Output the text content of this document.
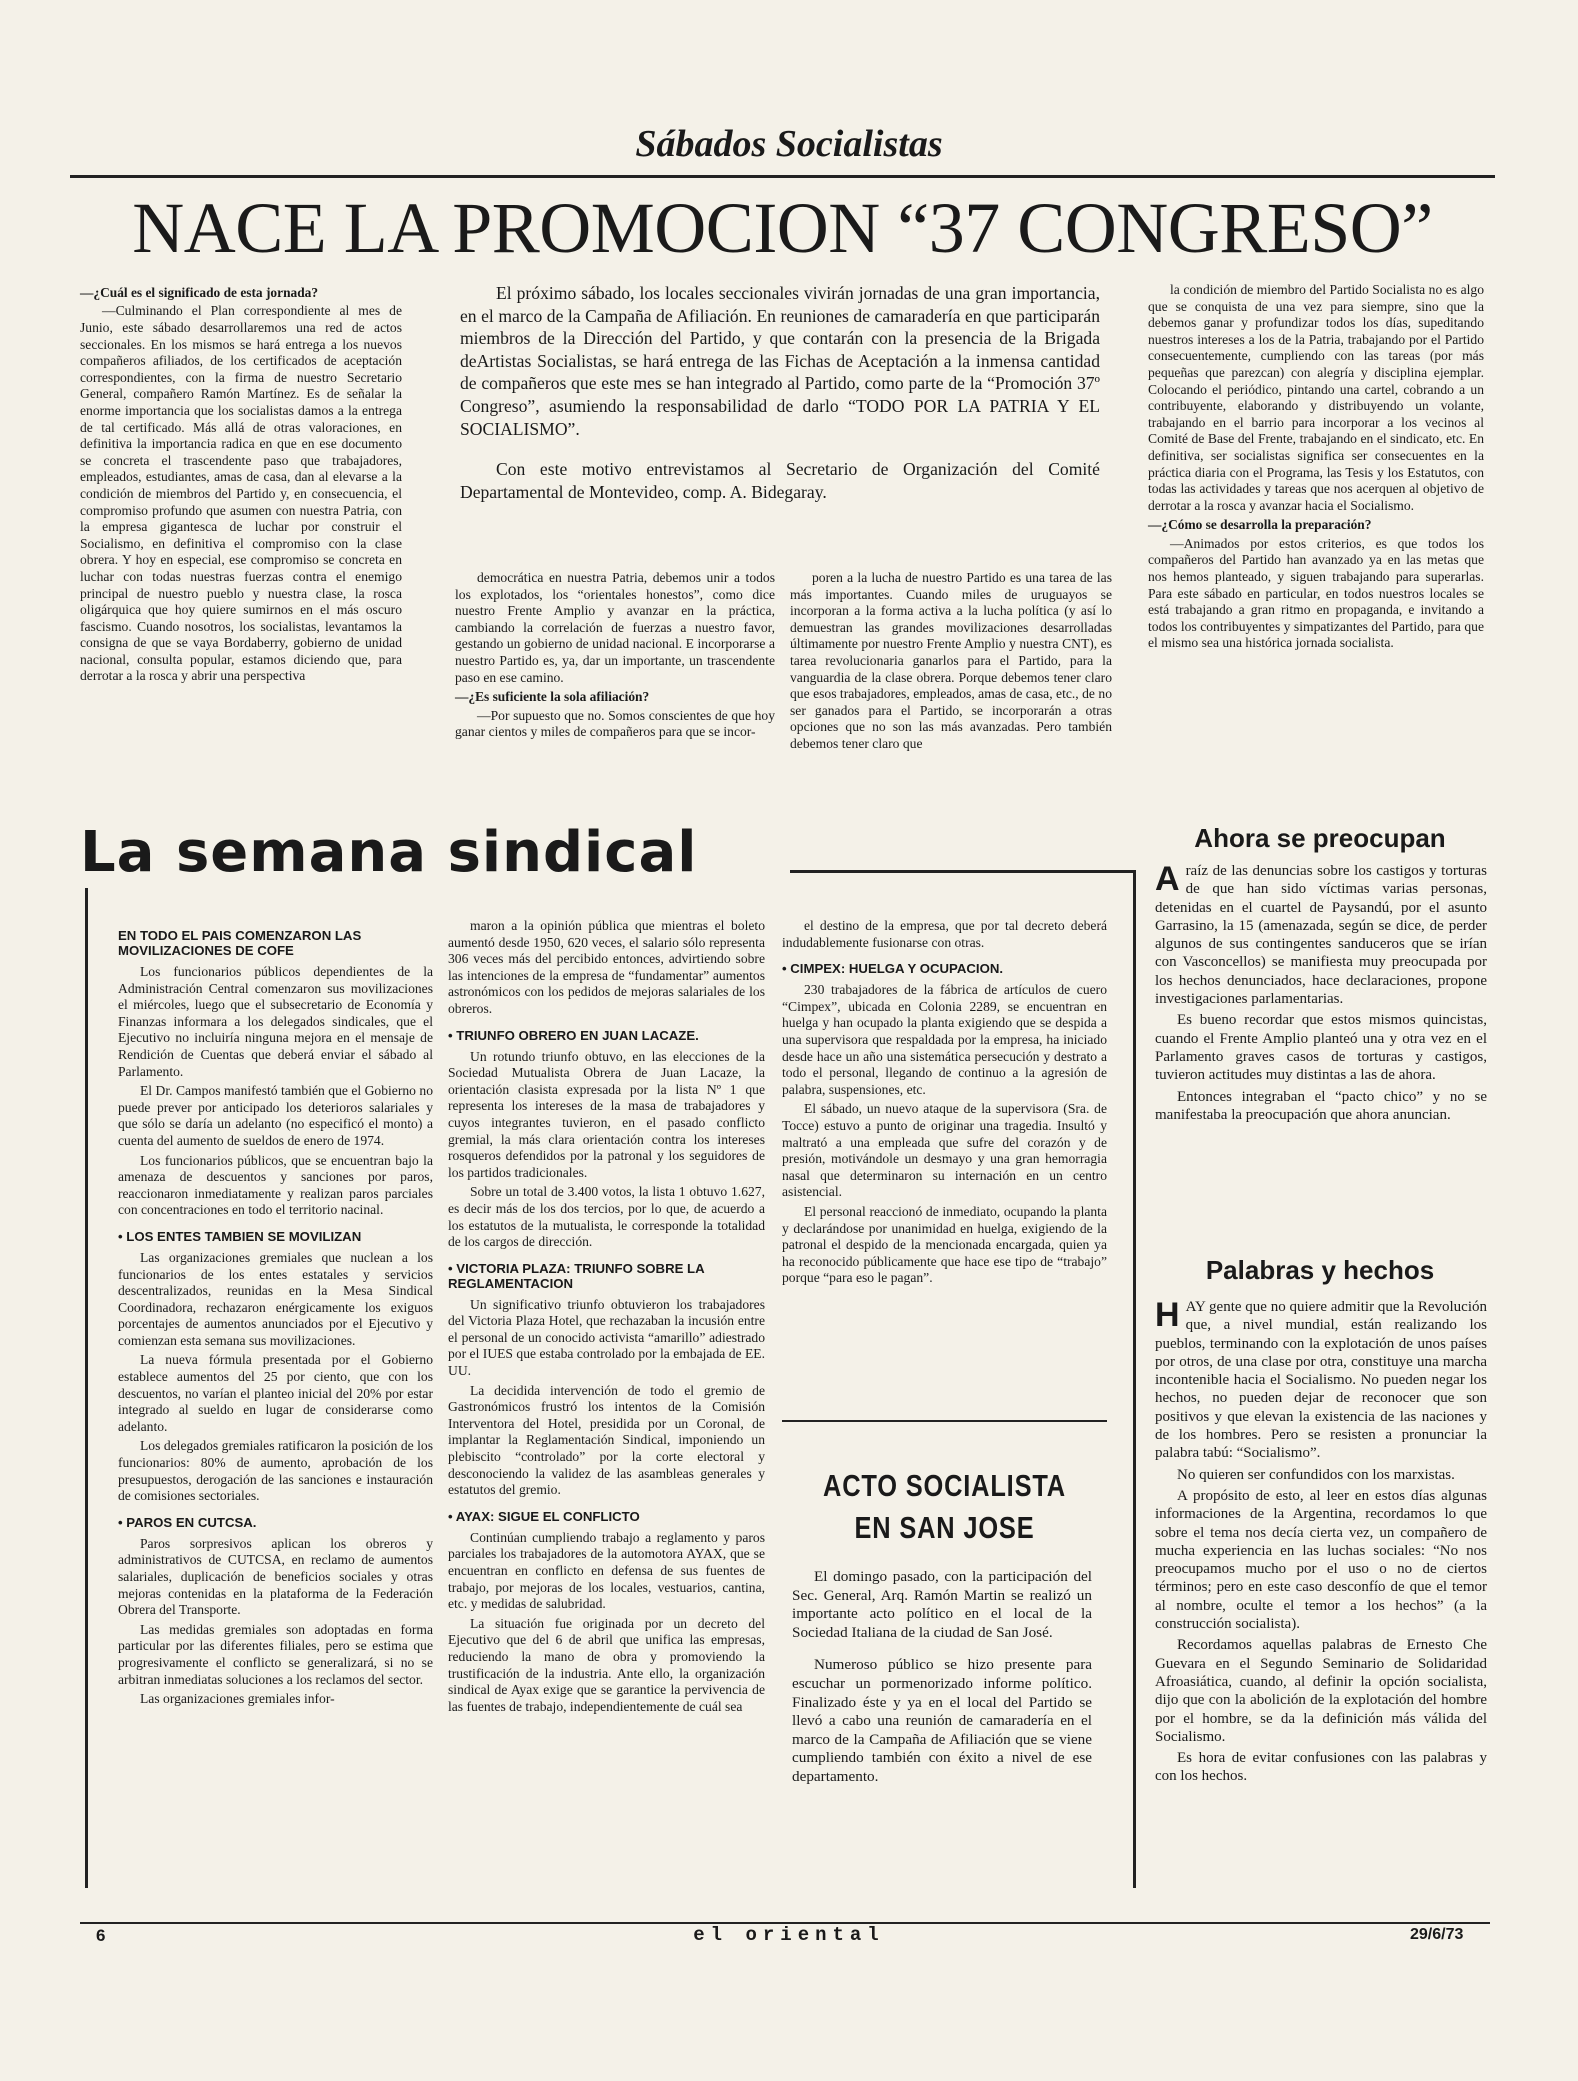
Sábados Socialistas
NACE LA PROMOCION “37 CONGRESO”

—¿Cuál es el significado de esta jornada?

—Culminando el Plan correspondiente al mes de Junio, este sábado desarrollaremos una red de actos seccionales. En los mismos se hará entrega a los nuevos compañeros afiliados, de los certificados de aceptación correspondientes, con la firma de nuestro Secretario General, compañero Ramón Martínez. Es de señalar la enorme importancia que los socialistas damos a la entrega de tal certificado. Más allá de otras valoraciones, en definitiva la importancia radica en que en ese documento se concreta el trascendente paso que trabajadores, empleados, estudiantes, amas de casa, dan al elevarse a la condición de miembros del Partido y, en consecuencia, el compromiso profundo que asumen con nuestra Patria, con la empresa gigantesca de luchar por construir el Socialismo, en definitiva el compromiso con la clase obrera. Y hoy en especial, ese compromiso se concreta en luchar con todas nuestras fuerzas contra el enemigo principal de nuestro pueblo y nuestra clase, la rosca oligárquica que hoy quiere sumirnos en el más oscuro fascismo. Cuando nosotros, los socialistas, levantamos la consigna de que se vaya Bordaberry, gobierno de unidad nacional, consulta popular, estamos diciendo que, para derrotar a la rosca y abrir una perspectiva

El próximo sábado, los locales seccionales vivirán jornadas de una gran importancia, en el marco de la Campaña de Afiliación. En reuniones de camaradería en que participarán miembros de la Dirección del Partido, y que contarán con la presencia de la Brigada deArtistas Socialistas, se hará entrega de las Fichas de Aceptación a la inmensa cantidad de compañeros que este mes se han integrado al Partido, como parte de la “Promoción 37º Congreso”, asumiendo la responsabilidad de darlo “TODO POR LA PATRIA Y EL SOCIALISMO”.

Con este motivo entrevistamos al Secretario de Organización del Comité Departamental de Montevideo, comp. A. Bidegaray.

democrática en nuestra Patria, debemos unir a todos los explotados, los “orientales honestos”, como dice nuestro Frente Amplio y avanzar en la práctica, cambiando la correlación de fuerzas a nuestro favor, gestando un gobierno de unidad nacional. E incorporarse a nuestro Partido es, ya, dar un importante, un trascendente paso en ese camino.

—¿Es suficiente la sola afiliación?

—Por supuesto que no. Somos conscientes de que hoy ganar cientos y miles de compañeros para que se incor-

poren a la lucha de nuestro Partido es una tarea de las más importantes. Cuando miles de uruguayos se incorporan a la forma activa a la lucha política (y así lo demuestran las grandes movilizaciones desarrolladas últimamente por nuestro Frente Amplio y nuestra CNT), es tarea revolucionaria ganarlos para el Partido, para la vanguardia de la clase obrera. Porque debemos tener claro que esos trabajadores, empleados, amas de casa, etc., de no ser ganados para el Partido, se incorporarán a otras opciones que no son las más avanzadas. Pero también debemos tener claro que

la condición de miembro del Partido Socialista no es algo que se conquista de una vez para siempre, sino que la debemos ganar y profundizar todos los días, supeditando nuestros intereses a los de la Patria, trabajando por el Partido consecuentemente, cumpliendo con las tareas (por más pequeñas que parezcan) con alegría y disciplina ejemplar. Colocando el periódico, pintando una cartel, cobrando a un contribuyente, elaborando y distribuyendo un volante, trabajando en el barrio para incorporar a los vecinos al Comité de Base del Frente, trabajando en el sindicato, etc. En definitiva, ser socialistas significa ser consecuentes en la práctica diaria con el Programa, las Tesis y los Estatutos, con todas las actividades y tareas que nos acerquen al objetivo de derrotar a la rosca y avanzar hacia el Socialismo.

—¿Cómo se desarrolla la preparación?

—Animados por estos criterios, es que todos los compañeros del Partido han avanzado ya en las metas que nos hemos planteado, y siguen trabajando para superarlas. Para este sábado en particular, en todos nuestros locales se está trabajando a gran ritmo en propaganda, e invitando a todos los contribuyentes y simpatizantes del Partido, para que el mismo sea una histórica jornada socialista.

La semana sindical

EN TODO EL PAIS COMENZARON LAS MOVILIZACIONES DE COFE

Los funcionarios públicos dependientes de la Administración Central comenzaron sus movilizaciones el miércoles, luego que el subsecretario de Economía y Finanzas informara a los delegados sindicales, que el Ejecutivo no incluiría ninguna mejora en el mensaje de Rendición de Cuentas que deberá enviar el sábado al Parlamento.

El Dr. Campos manifestó también que el Gobierno no puede prever por anticipado los deterioros salariales y que sólo se daría un adelanto (no especificó el monto) a cuenta del aumento de sueldos de enero de 1974.

Los funcionarios públicos, que se encuentran bajo la amenaza de descuentos y sanciones por paros, reaccionaron inmediatamente y realizan paros parciales con concentraciones en todo el territorio nacinal.

• LOS ENTES TAMBIEN SE MOVILIZAN

Las organizaciones gremiales que nuclean a los funcionarios de los entes estatales y servicios descentralizados, reunidas en la Mesa Sindical Coordinadora, rechazaron enérgicamente los exiguos porcentajes de aumentos anunciados por el Ejecutivo y comienzan esta semana sus movilizaciones.

La nueva fórmula presentada por el Gobierno establece aumentos del 25 por ciento, que con los descuentos, no varían el planteo inicial del 20% por estar integrado al sueldo en lugar de considerarse como adelanto.

Los delegados gremiales ratificaron la posición de los funcionarios: 80% de aumento, aprobación de los presupuestos, derogación de las sanciones e instauración de comisiones sectoriales.

• PAROS EN CUTCSA.

Paros sorpresivos aplican los obreros y administrativos de CUTCSA, en reclamo de aumentos salariales, duplicación de beneficios sociales y otras mejoras contenidas en la plataforma de la Federación Obrera del Transporte.

Las medidas gremiales son adoptadas en forma particular por las diferentes filiales, pero se estima que progresivamente el conflicto se generalizará, si no se arbitran inmediatas soluciones a los reclamos del sector.

Las organizaciones gremiales infor-

maron a la opinión pública que mientras el boleto aumentó desde 1950, 620 veces, el salario sólo representa 306 veces más del percibido entonces, advirtiendo sobre las intenciones de la empresa de “fundamentar” aumentos astronómicos con los pedidos de mejoras salariales de los obreros.

• TRIUNFO OBRERO EN JUAN LACAZE.

Un rotundo triunfo obtuvo, en las elecciones de la Sociedad Mutualista Obrera de Juan Lacaze, la orientación clasista expresada por la lista Nº 1 que representa los intereses de la masa de trabajadores y cuyos integrantes tuvieron, en el pasado conflicto gremial, la más clara orientación contra los intereses rosqueros defendidos por la patronal y los seguidores de los partidos tradicionales.

Sobre un total de 3.400 votos, la lista 1 obtuvo 1.627, es decir más de los dos tercios, por lo que, de acuerdo a los estatutos de la mutualista, le corresponde la totalidad de los cargos de dirección.

• VICTORIA PLAZA: TRIUNFO SOBRE LA REGLAMENTACION

Un significativo triunfo obtuvieron los trabajadores del Victoria Plaza Hotel, que rechazaban la incusión entre el personal de un conocido activista “amarillo” adiestrado por el IUES que estaba controlado por la embajada de EE. UU.

La decidida intervención de todo el gremio de Gastronómicos frustró los intentos de la Comisión Interventora del Hotel, presidida por un Coronal, de implantar la Reglamentación Sindical, imponiendo un plebiscito “controlado” por la corte electoral y desconociendo la validez de las asambleas generales y estatutos del gremio.

• AYAX: SIGUE EL CONFLICTO

Continúan cumpliendo trabajo a reglamento y paros parciales los trabajadores de la automotora AYAX, que se encuentran en conflicto en defensa de sus fuentes de trabajo, por mejoras de los locales, vestuarios, cantina, etc. y medidas de salubridad.

La situación fue originada por un decreto del Ejecutivo que del 6 de abril que unifica las empresas, reduciendo la mano de obra y promoviendo la trustificación de la industria. Ante ello, la organización sindical de Ayax exige que se garantice la pervivencia de las fuentes de trabajo, independientemente de cuál sea

el destino de la empresa, que por tal decreto deberá indudablemente fusionarse con otras.

• CIMPEX: HUELGA Y OCUPACION.

230 trabajadores de la fábrica de artículos de cuero “Cimpex”, ubicada en Colonia 2289, se encuentran en huelga y han ocupado la planta exigiendo que se despida a una supervisora que respaldada por la empresa, ha iniciado desde hace un año una sistemática persecución y destrato a todo el personal, llegando de continuo a la agresión de palabra, suspensiones, etc.

El sábado, un nuevo ataque de la supervisora (Sra. de Tocce) estuvo a punto de originar una tragedia. Insultó y maltrató a una empleada que sufre del corazón y de presión, motivándole un desmayo y una gran hemorragia nasal que determinaron su internación en un centro asistencial.

El personal reaccionó de inmediato, ocupando la planta y declarándose por unanimidad en huelga, exigiendo de la patronal el despido de la mencionada encargada, quien ya ha reconocido públicamente que hace ese tipo de “trabajo” porque “para eso le pagan”.

ACTO SOCIALISTA
EN SAN JOSE

El domingo pasado, con la participación del Sec. General, Arq. Ramón Martin se realizó un importante acto político en el local de la Sociedad Italiana de la ciudad de San José.

Numeroso público se hizo presente para escuchar un pormenorizado informe político. Finalizado éste y ya en el local del Partido se llevó a cabo una reunión de camaradería en el marco de la Campaña de Afiliación que se viene cumpliendo también con éxito a nivel de ese departamento.

Ahora se preocupan
A raíz de las denuncias sobre los castigos y torturas de que han sido víctimas varias personas, detenidas en el cuartel de Paysandú, por el asunto Garrasino, la 15 (amenazada, según se dice, de perder algunos de sus contingentes sanduceros que se irían con Vasconcellos) se manifiesta muy preocupada por los hechos denunciados, hace declaraciones, propone investigaciones parlamentarias.

Es bueno recordar que estos mismos quincistas, cuando el Frente Amplio planteó una y otra vez en el Parlamento graves casos de torturas y castigos, tuvieron actitudes muy distintas a las de ahora.

Entonces integraban el “pacto chico” y no se manifestaba la preocupación que ahora anuncian.

Palabras y hechos
H AY gente que no quiere admitir que la Revolución que, a nivel mundial, están realizando los pueblos, terminando con la explotación de unos países por otros, de una clase por otra, constituye una marcha incontenible hacia el Socialismo. No pueden negar los hechos, no pueden dejar de reconocer que son positivos y que elevan la existencia de las naciones y de los hombres. Pero se resisten a pronunciar la palabra tabú: “Socialismo”.

No quieren ser confundidos con los marxistas.

A propósito de esto, al leer en estos días algunas informaciones de la Argentina, recordamos lo que sobre el tema nos decía cierta vez, un compañero de mucha experiencia en las luchas sociales: “No nos preocupamos mucho por el uso o no de ciertos términos; pero en este caso desconfío de que el temor al nombre, oculte el temor a los hechos” (a la construcción socialista).

Recordamos aquellas palabras de Ernesto Che Guevara en el Segundo Seminario de Solidaridad Afroasiática, cuando, al definir la opción socialista, dijo que con la abolición de la explotación del hombre por el hombre, se da la definición más válida del Socialismo.

Es hora de evitar confusiones con las palabras y con los hechos.

6	el oriental	29/6/73
